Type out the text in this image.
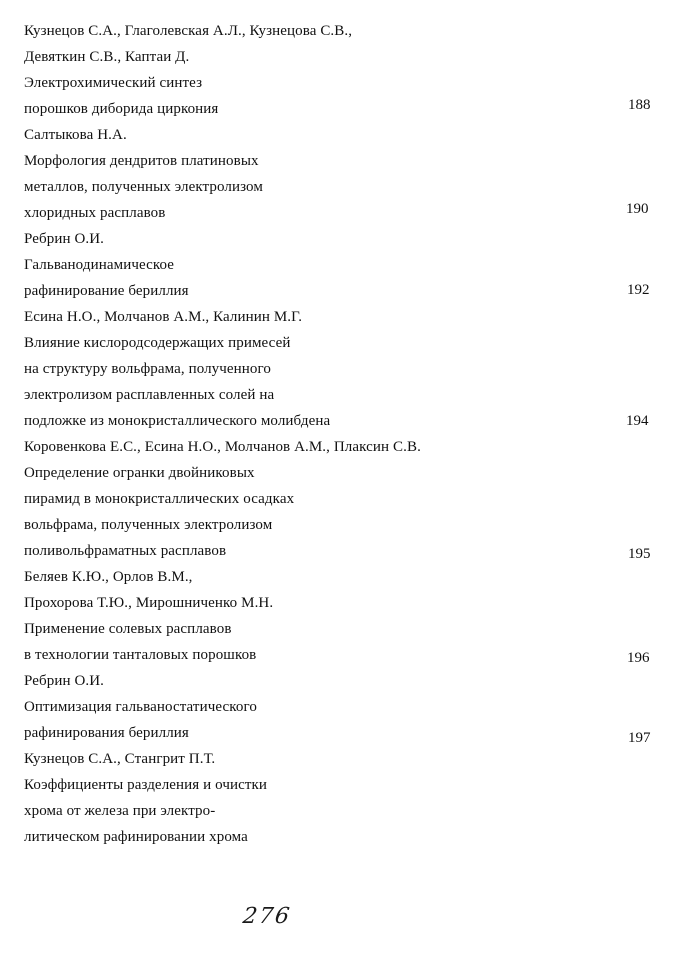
Кузнецов С.А., Глаголевская А.Л., Кузнецова С.В.,
Девяткин С.В., Каптаи Д.
Электрохимический синтез
порошков диборида циркония
Салтыкова Н.А.
Морфология дендритов платиновых
металлов, полученных электролизом
хлоридных расплавов
Ребрин О.И.
Гальванодинамическое
рафинирование бериллия
Есина Н.О., Молчанов А.М., Калинин М.Г.
Влияние кислородсодержащих примесей
на структуру вольфрама, полученного
электролизом расплавленных солей на
подложке из монокристаллического молибдена
Коровенкова Е.С., Есина Н.О., Молчанов А.М., Плаксин С.В.
Определение огранки двойниковых
пирамид в монокристаллических осадках
вольфрама, полученных электролизом
поливольфраматных расплавов
Беляев К.Ю., Орлов В.М.,
Прохорова Т.Ю., Мирошниченко М.Н.
Применение солевых расплавов
в технологии танталовых порошков
Ребрин О.И.
Оптимизация гальваностатического
рафинирования бериллия
Кузнецов С.А., Стангрит П.Т.
Коэффициенты разделения и очистки
хрома от железа при электро-
литическом рафинировании хрома
188
190
192
194
195
196
197
276
